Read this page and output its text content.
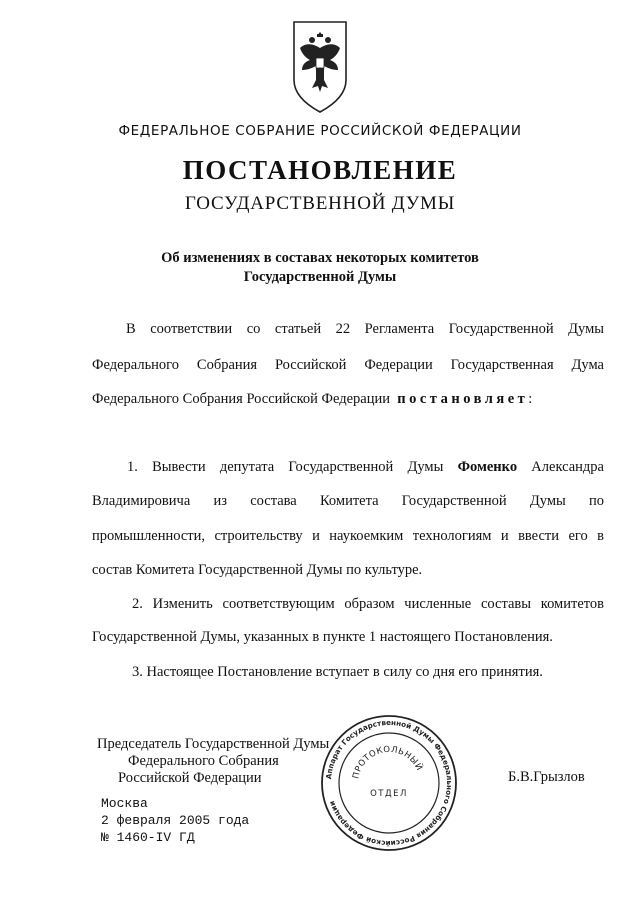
ФЕДЕРАЛЬНОЕ СОБРАНИЕ РОССИЙСКОЙ ФЕДЕРАЦИИ
ПОСТАНОВЛЕНИЕ
ГОСУДАРСТВЕННОЙ ДУМЫ
Об изменениях в составах некоторых комитетов
Государственной Думы
В соответствии со статьей 22 Регламента Государственной Думы
Федерального Собрания Российской Федерации Государственная Дума
Федерального Собрания Российской Федерации постановляет:
1. Вывести депутата Государственной Думы Фоменко Александра
Владимировича из состава Комитета Государственной Думы по
промышленности, строительству и наукоемким технологиям и ввести его в
состав Комитета Государственной Думы по культуре.
2. Изменить соответствующим образом численные составы комитетов
Государственной Думы, указанных в пункте 1 настоящего Постановления.
3. Настоящее Постановление вступает в силу со дня его принятия.
Председатель Государственной Думы
Федерального Собрания
Российской Федерации	Б.В.Грызлов
Аппарат Государственной Думы Федерального Собрания Российской Федерации
ПРОТОКОЛЬНЫЙ
ОТДЕЛ
Москва
2 февраля 2005 года
№ 1460-IV ГД
